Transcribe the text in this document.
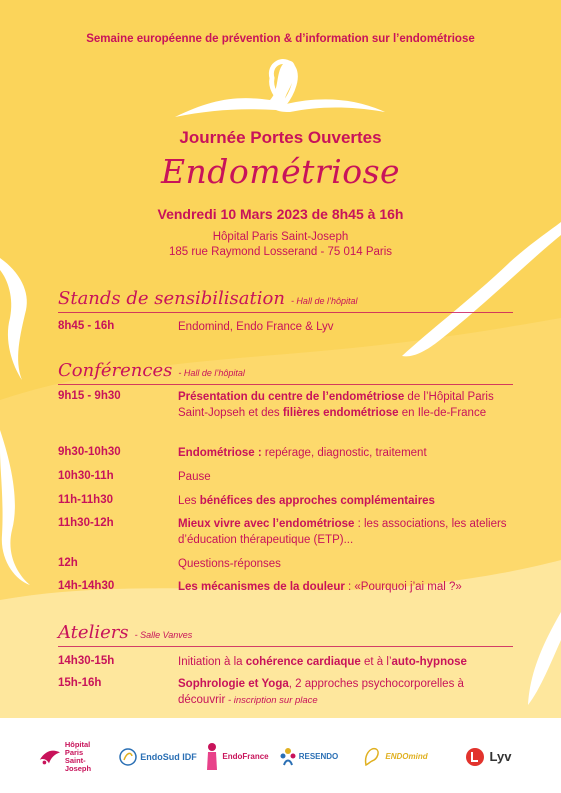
Semaine européenne de prévention & d’information sur l’endométriose
Journée Portes Ouvertes
Endométriose
Vendredi 10 Mars 2023 de 8h45 à 16h
Hôpital Paris Saint-Joseph
185 rue Raymond Losserand - 75 014 Paris
Stands de sensibilisation - Hall de l’hôpital
8h45 - 16h	Endomind, Endo France & Lyv
Conférences - Hall de l’hôpital
9h15 - 9h30	Présentation du centre de l’endométriose de l’Hôpital Paris Saint-Jopseh et des filières endométriose en Ile-de-France
9h30-10h30	Endométriose : repérage, diagnostic, traitement
10h30-11h	Pause
11h-11h30	Les bénéfices des approches complémentaires
11h30-12h	Mieux vivre avec l’endométriose : les associations, les ateliers d’éducation thérapeutique (ETP)...
12h	Questions-réponses
14h-14h30	Les mécanismes de la douleur : «Pourquoi j’ai mal ?»
Ateliers - Salle Vanves
14h30-15h	Initiation à la cohérence cardiaque et à l’auto-hypnose
15h-16h	Sophrologie et Yoga, 2 approches psychocorporelles à découvrir - inscription sur place
Hôpital Paris
Saint-Joseph
EndoSud IDF	EndoFrance	RESENDO	ENDOmind	Lyv
